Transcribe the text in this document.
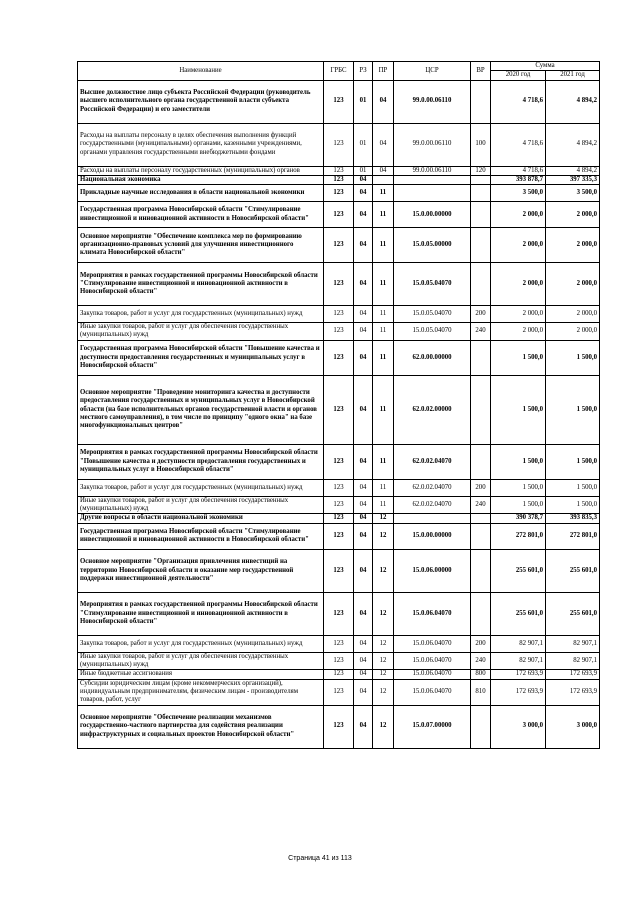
Наименование	ГРБС	РЗ	ПР	ЦСР	ВР	Сумма	
						2020 год	2021 год
Высшее должностное лицо субъекта Российской Федерации (руководитель высшего исполнительного органа государственной власти субъекта Российской Федерации) и его заместители	123	01	04	99.0.00.06110		4 718,6	4 894,2
Расходы на выплаты персоналу в целях обеспечения выполнения функций государственными (муниципальными) органами, казенными учреждениями, органами управления государственными внебюджетными фондами	123	01	04	99.0.00.06110	100	4 718,6	4 894,2
Расходы на выплаты персоналу государственных (муниципальных) органов	123	01	04	99.0.00.06110	120	4 718,6	4 894,2
Национальная экономика	123	04				393 878,7	397 335,3
Прикладные научные исследования в области национальной экономики	123	04	11			3 500,0	3 500,0
Государственная программа Новосибирской области "Стимулирование инвестиционной и инновационной активности в Новосибирской области"	123	04	11	15.0.00.00000		2 000,0	2 000,0
Основное мероприятие "Обеспечение комплекса мер по формированию организационно-правовых условий для улучшения инвестиционного климата Новосибирской области"	123	04	11	15.0.05.00000		2 000,0	2 000,0
Мероприятия в рамках государственной программы Новосибирской области "Стимулирование инвестиционной и инновационной активности в Новосибирской области"	123	04	11	15.0.05.04070		2 000,0	2 000,0
Закупка товаров, работ и услуг для государственных (муниципальных) нужд	123	04	11	15.0.05.04070	200	2 000,0	2 000,0
Иные закупки товаров, работ и услуг для обеспечения государственных (муниципальных) нужд	123	04	11	15.0.05.04070	240	2 000,0	2 000,0
Государственная программа Новосибирской области "Повышение качества и доступности предоставления государственных и муниципальных услуг в Новосибирской области"	123	04	11	62.0.00.00000		1 500,0	1 500,0
Основное мероприятие "Проведение мониторинга качества и доступности предоставления государственных и муниципальных услуг в Новосибирской области (на базе исполнительных органов государственной власти и органов местного самоуправления), в том числе по принципу "одного окна" на базе многофункциональных центров"	123	04	11	62.0.02.00000		1 500,0	1 500,0
Мероприятия в рамках государственной программы Новосибирской области "Повышение качества и доступности предоставления государственных и муниципальных услуг в Новосибирской области"	123	04	11	62.0.02.04070		1 500,0	1 500,0
Закупка товаров, работ и услуг для государственных (муниципальных) нужд	123	04	11	62.0.02.04070	200	1 500,0	1 500,0
Иные закупки товаров, работ и услуг для обеспечения государственных (муниципальных) нужд	123	04	11	62.0.02.04070	240	1 500,0	1 500,0
Другие вопросы в области национальной экономики	123	04	12			390 378,7	393 835,3
Государственная программа Новосибирской области "Стимулирование инвестиционной и инновационной активности в Новосибирской области"	123	04	12	15.0.00.00000		272 801,0	272 801,0
Основное мероприятие "Организация привлечения инвестиций на территорию Новосибирской области и оказание мер государственной поддержки инвестиционной деятельности"	123	04	12	15.0.06.00000		255 601,0	255 601,0
Мероприятия в рамках государственной программы Новосибирской области "Стимулирование инвестиционной и инновационной активности в Новосибирской области"	123	04	12	15.0.06.04070		255 601,0	255 601,0
Закупка товаров, работ и услуг для государственных (муниципальных) нужд	123	04	12	15.0.06.04070	200	82 907,1	82 907,1
Иные закупки товаров, работ и услуг для обеспечения государственных (муниципальных) нужд	123	04	12	15.0.06.04070	240	82 907,1	82 907,1
Иные бюджетные ассигнования	123	04	12	15.0.06.04070	800	172 693,9	172 693,9
Субсидии юридическим лицам (кроме некоммерческих организаций), индивидуальным предпринимателям, физическим лицам - производителям товаров, работ, услуг	123	04	12	15.0.06.04070	810	172 693,9	172 693,9
Основное мероприятие "Обеспечение реализации механизмов государственно-частного партнерства для содействия реализации инфраструктурных и социальных проектов Новосибирской области"	123	04	12	15.0.07.00000		3 000,0	3 000,0
Страница 41 из 113
